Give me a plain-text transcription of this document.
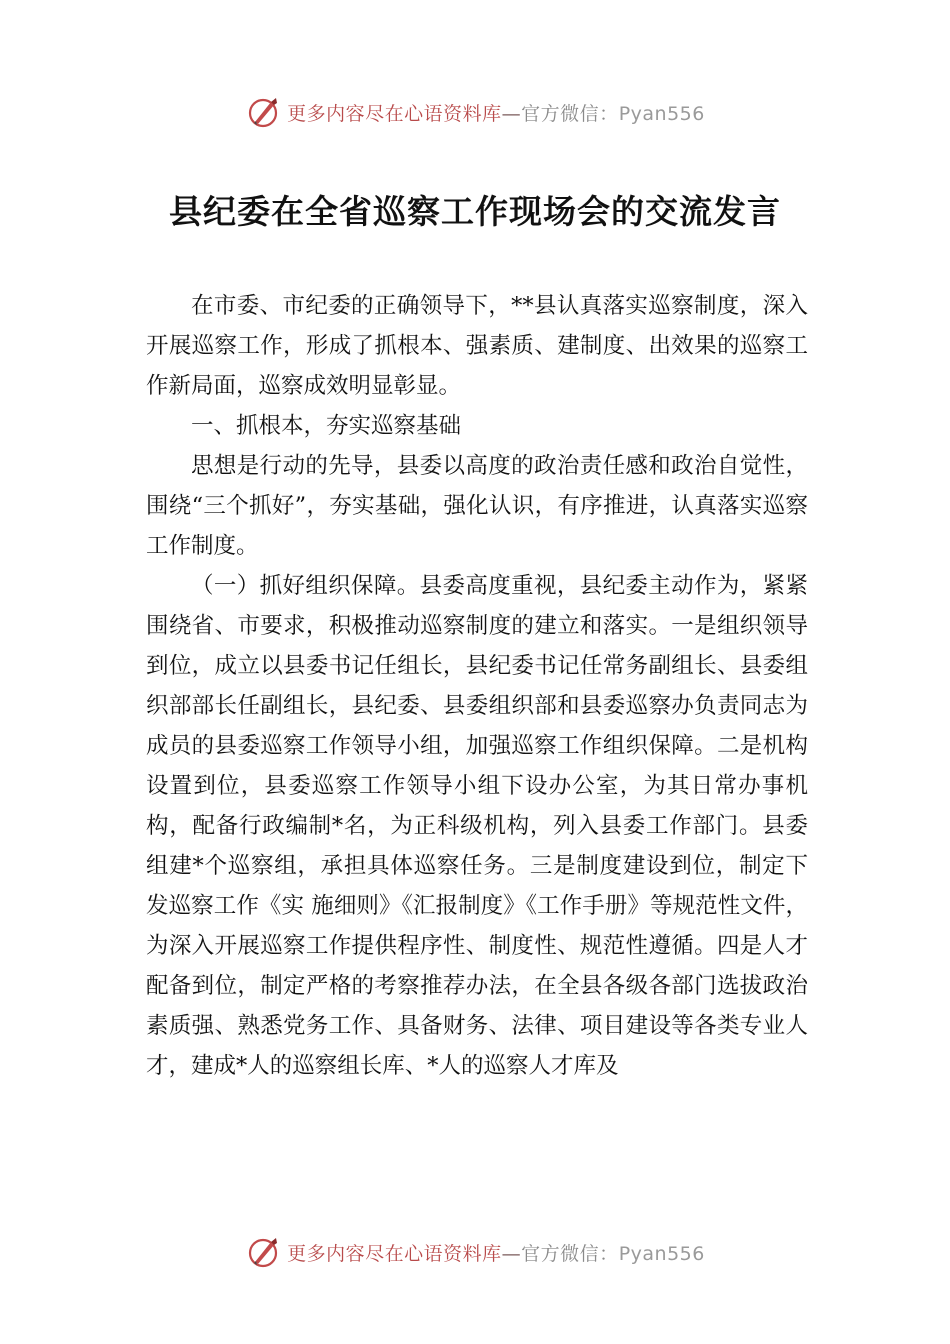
更多内容尽在心语资料库—官方微信：Pyan556
县纪委在全省巡察工作现场会的交流发言

在市委、市纪委的正确领导下，**县认真落实巡察制度，深入开展巡察工作，形成了抓根本、强素质、建制度、出效果的巡察工作新局面，巡察成效明显彰显。

一、抓根本，夯实巡察基础

思想是行动的先导，县委以高度的政治责任感和政治自觉性，围绕“三个抓好”，夯实基础，强化认识，有序推进，认真落实巡察工作制度。

（一）抓好组织保障。县委高度重视，县纪委主动作为，紧紧围绕省、市要求，积极推动巡察制度的建立和落实。一是组织领导到位，成立以县委书记任组长，县纪委书记任常务副组长、县委组织部部长任副组长，县纪委、县委组织部和县委巡察办负责同志为成员的县委巡察工作领导小组，加强巡察工作组织保障。二是机构设置到位，县委巡察工作领导小组下设办公室，为其日常办事机构，配备行政编制*名，为正科级机构，列入县委工作部门。县委组建*个巡察组，承担具体巡察任务。三是制度建设到位，制定下发巡察工作《实 施细则》《汇报制度》《工作手册》等规范性文件，为深入开展巡察工作提供程序性、制度性、规范性遵循。四是人才配备到位，制定严格的考察推荐办法，在全县各级各部门选拔政治素质强、熟悉党务工作、具备财务、法律、项目建设等各类专业人才，建成*人的巡察组长库、*人的巡察人才库及

更多内容尽在心语资料库—官方微信：Pyan556
